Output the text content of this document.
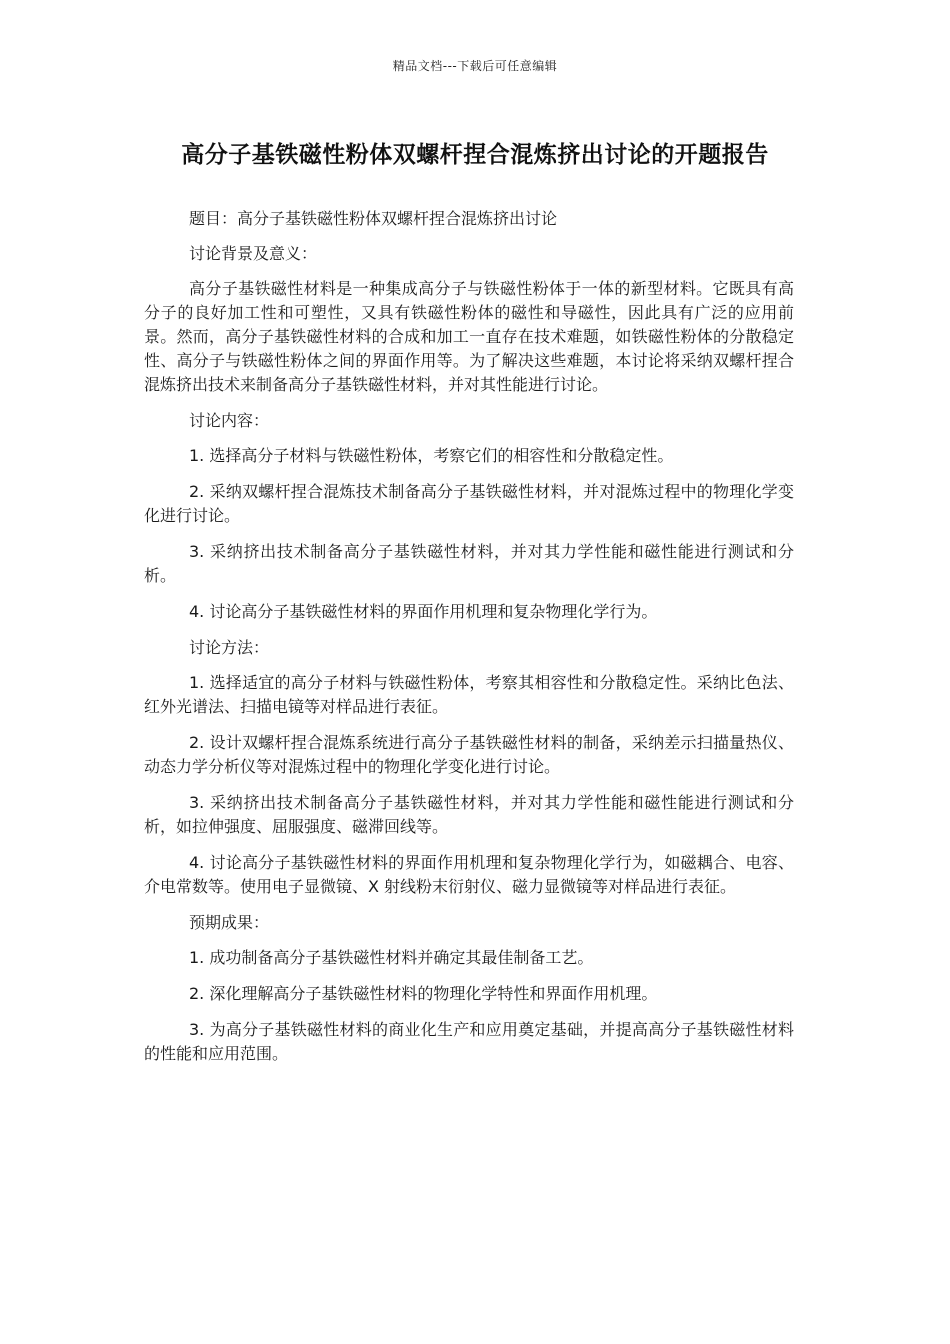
精品文档---下载后可任意编辑
高分子基铁磁性粉体双螺杆捏合混炼挤出讨论的开题报告

题目：高分子基铁磁性粉体双螺杆捏合混炼挤出讨论

讨论背景及意义：

高分子基铁磁性材料是一种集成高分子与铁磁性粉体于一体的新型材料。它既具有高分子的良好加工性和可塑性，又具有铁磁性粉体的磁性和导磁性，因此具有广泛的应用前景。然而，高分子基铁磁性材料的合成和加工一直存在技术难题，如铁磁性粉体的分散稳定性、高分子与铁磁性粉体之间的界面作用等。为了解决这些难题，本讨论将采纳双螺杆捏合混炼挤出技术来制备高分子基铁磁性材料，并对其性能进行讨论。

讨论内容：

1. 选择高分子材料与铁磁性粉体，考察它们的相容性和分散稳定性。

2. 采纳双螺杆捏合混炼技术制备高分子基铁磁性材料，并对混炼过程中的物理化学变化进行讨论。

3. 采纳挤出技术制备高分子基铁磁性材料，并对其力学性能和磁性能进行测试和分析。

4. 讨论高分子基铁磁性材料的界面作用机理和复杂物理化学行为。

讨论方法：

1. 选择适宜的高分子材料与铁磁性粉体，考察其相容性和分散稳定性。采纳比色法、红外光谱法、扫描电镜等对样品进行表征。

2. 设计双螺杆捏合混炼系统进行高分子基铁磁性材料的制备，采纳差示扫描量热仪、动态力学分析仪等对混炼过程中的物理化学变化进行讨论。

3. 采纳挤出技术制备高分子基铁磁性材料，并对其力学性能和磁性能进行测试和分析，如拉伸强度、屈服强度、磁滞回线等。

4. 讨论高分子基铁磁性材料的界面作用机理和复杂物理化学行为，如磁耦合、电容、介电常数等。使用电子显微镜、X 射线粉末衍射仪、磁力显微镜等对样品进行表征。

预期成果：

1. 成功制备高分子基铁磁性材料并确定其最佳制备工艺。

2. 深化理解高分子基铁磁性材料的物理化学特性和界面作用机理。

3. 为高分子基铁磁性材料的商业化生产和应用奠定基础，并提高高分子基铁磁性材料的性能和应用范围。
